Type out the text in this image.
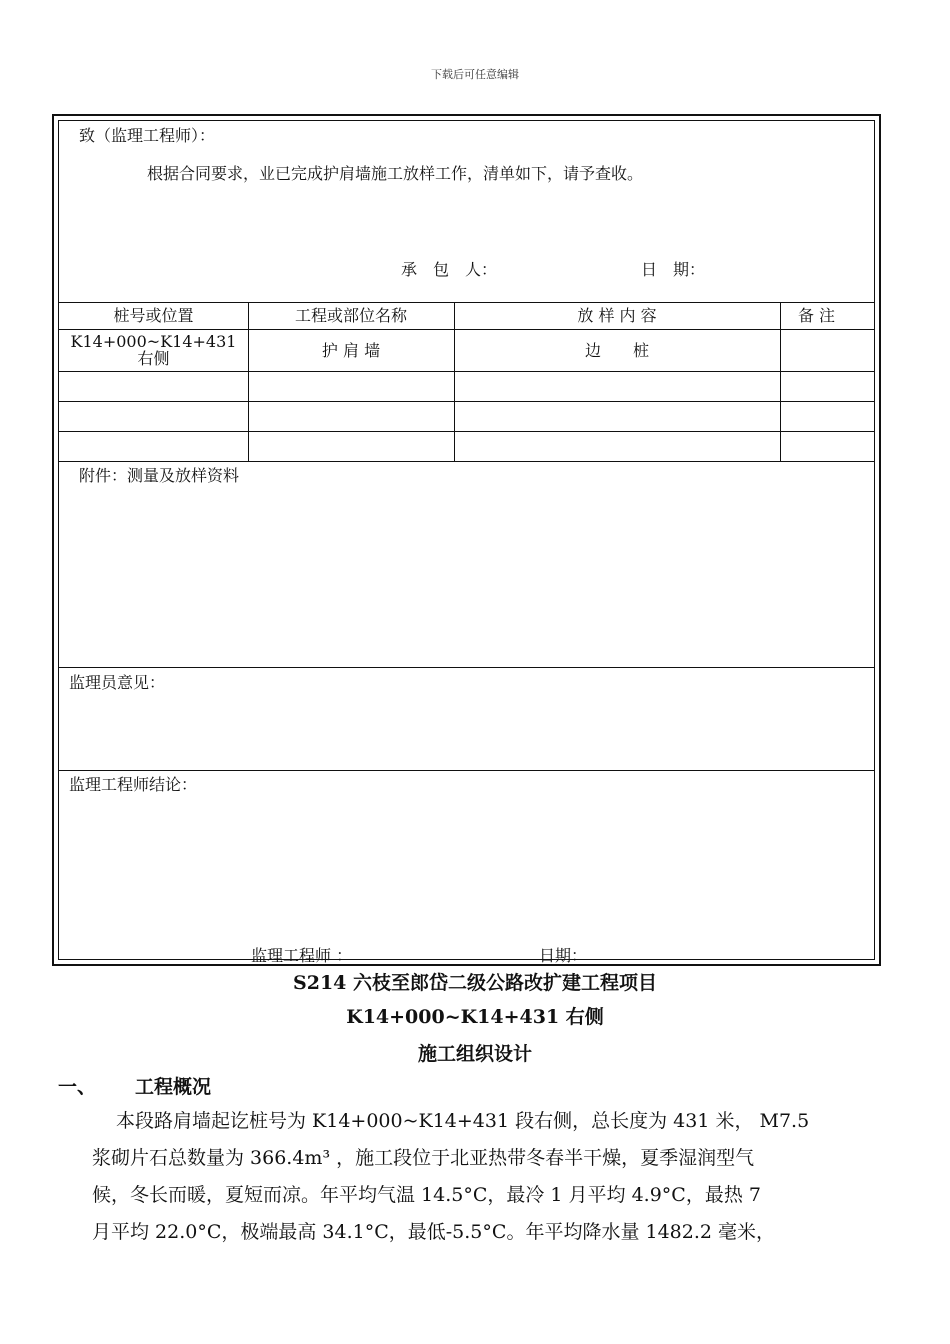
下载后可任意编辑
致（监理工程师）：
根据合同要求，业已完成护肩墙施工放样工作，清单如下，请予查收。
承　包　人：	日　期：
桩号或位置	工程或部位名称	放 样 内 容	备 注
K14+000~K14+431 右侧	护 肩 墙	边　　桩
附件：测量及放样资料
监理员意见：
监理工程师结论：
监理工程师 ：	日期：
S214 六枝至郎岱二级公路改扩建工程项目
K14+000~K14+431 右侧
施工组织设计
一、 工程概况
本段路肩墙起讫桩号为 K14+000~K14+431 段右侧，总长度为 431 米， M7.5
浆砌片石总数量为 366.4m³ ，施工段位于北亚热带冬春半干燥，夏季湿润型气
候，冬长而暖，夏短而凉。年平均气温 14.5°C，最冷 1 月平均 4.9°C，最热 7
月平均 22.0°C，极端最高 34.1°C，最低-5.5°C。年平均降水量 1482.2 毫米，
